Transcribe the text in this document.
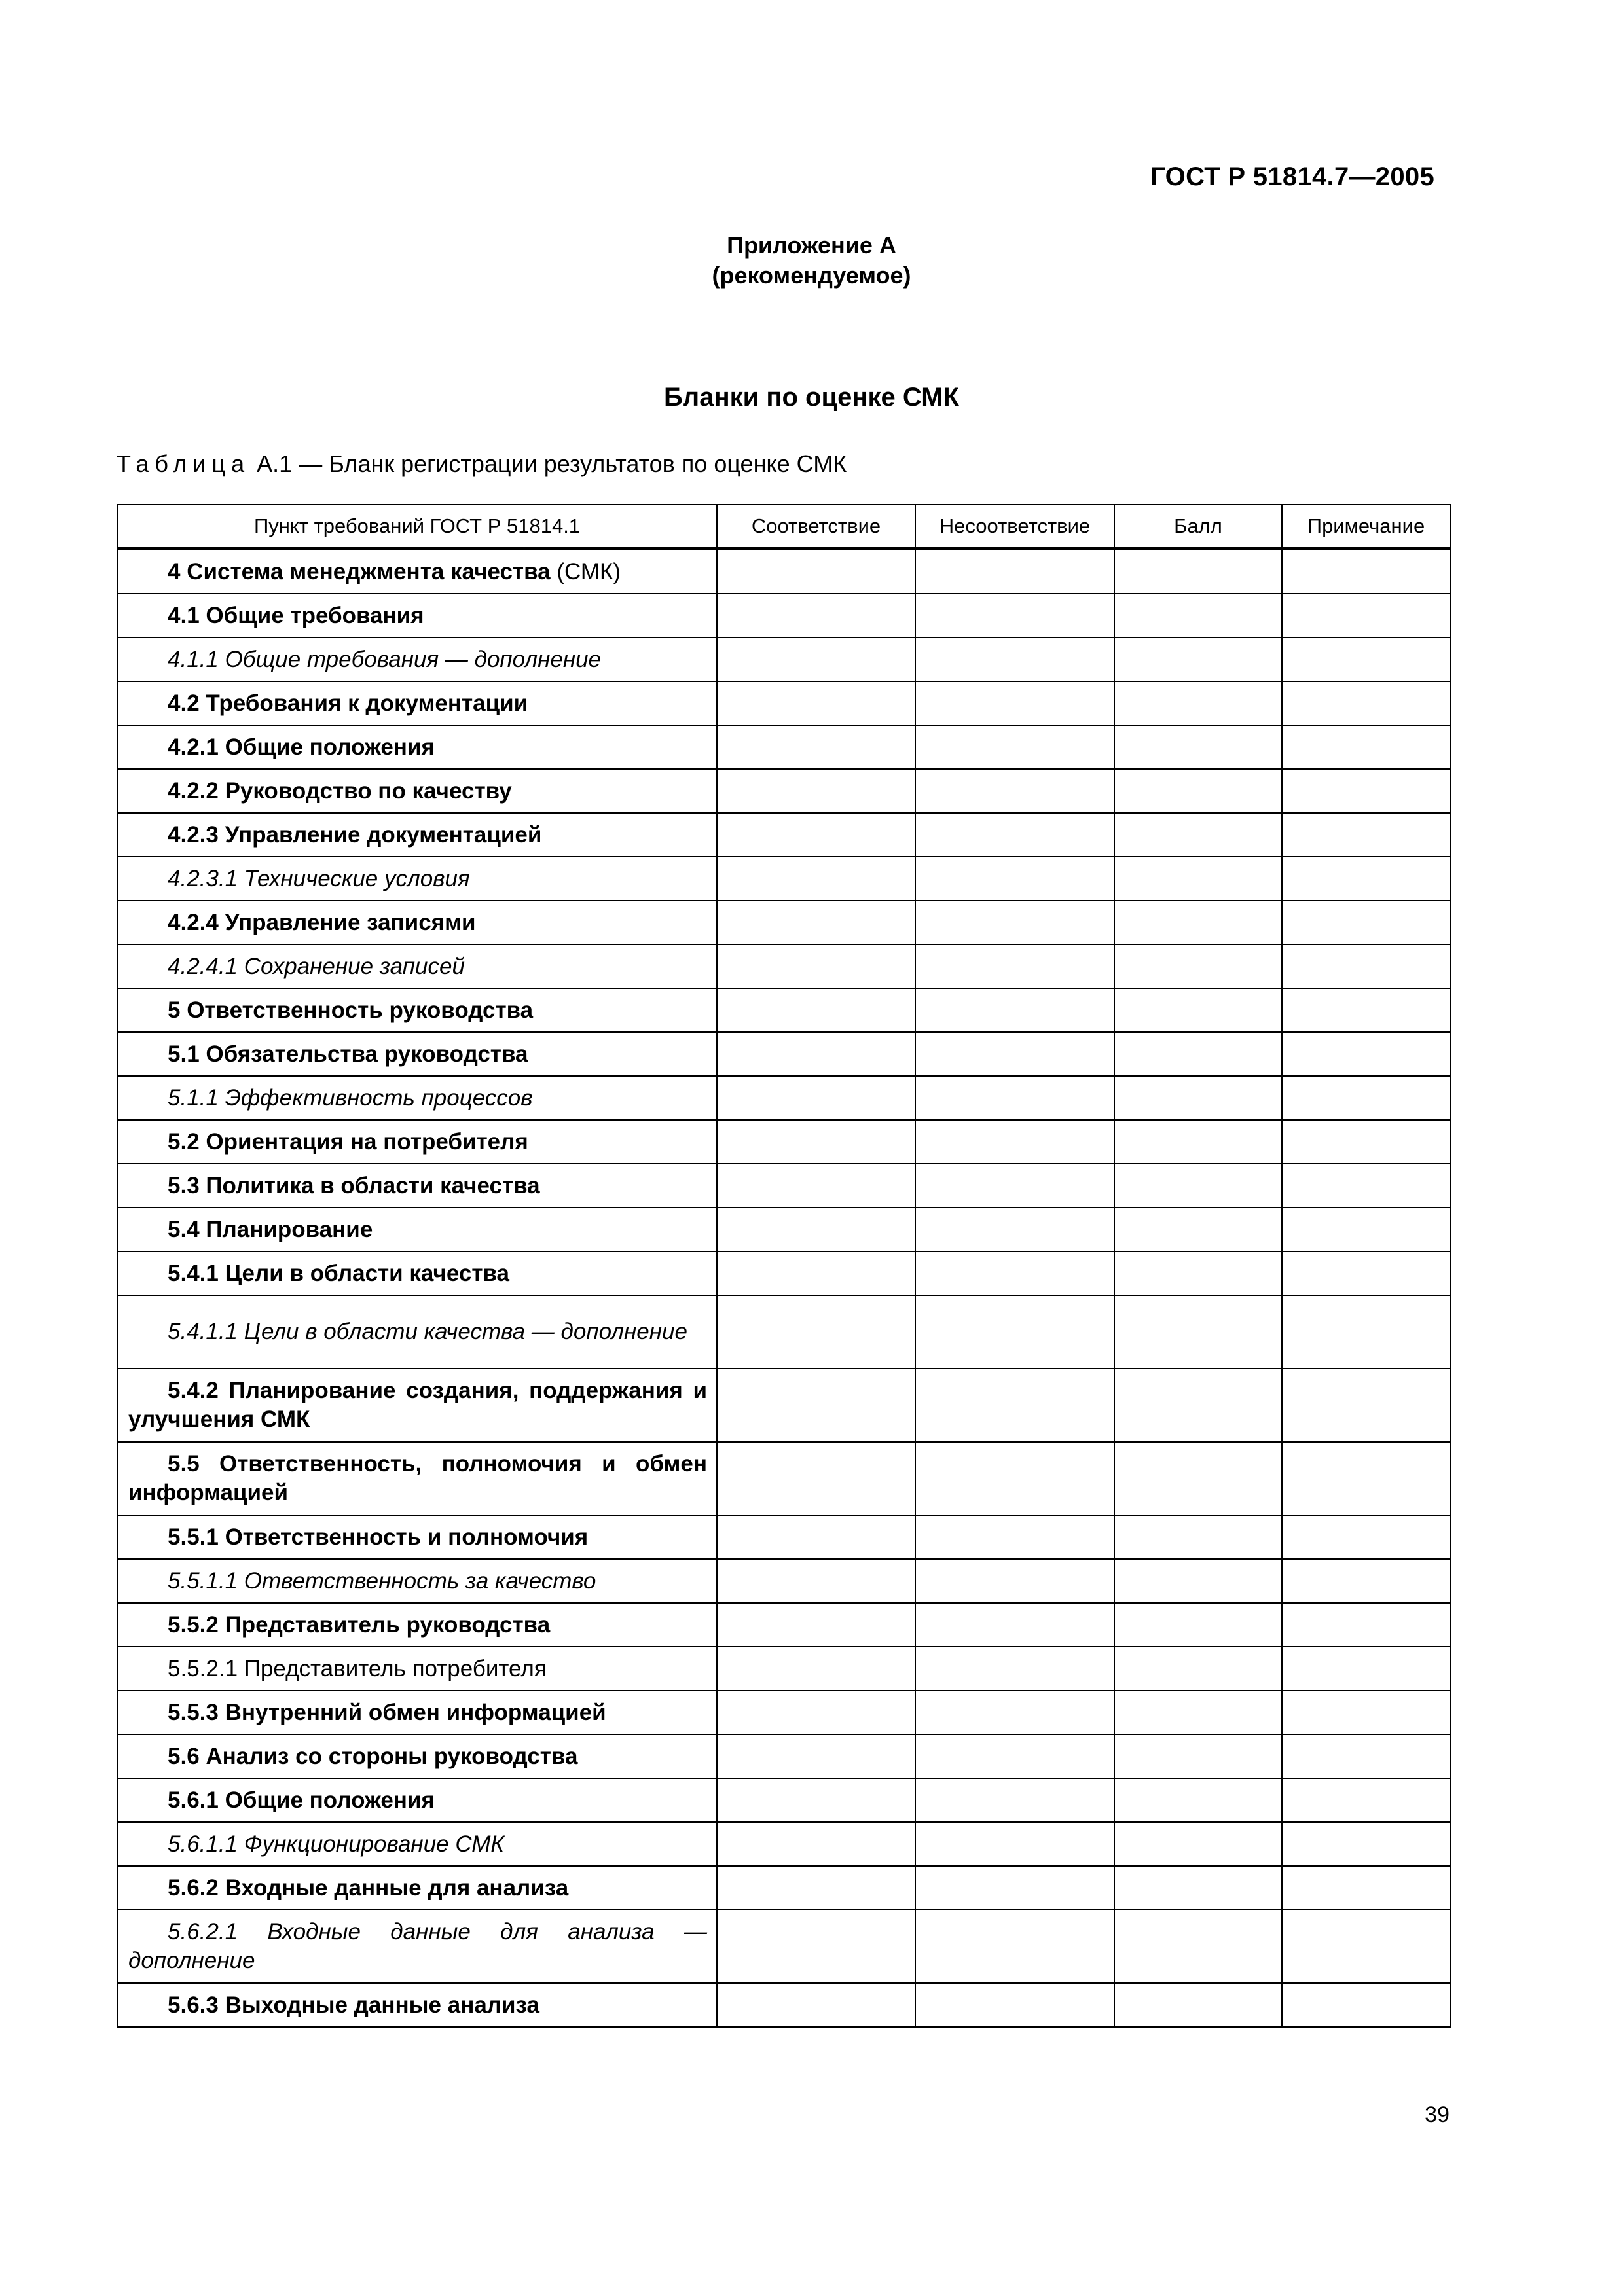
ГОСТ Р 51814.7—2005
Приложение А
(рекомендуемое)
Бланки по оценке СМК
Таблица А.1 — Бланк регистрации результатов по оценке СМК
Пункт требований ГОСТ Р 51814.1	Соответствие	Несоответствие	Балл	Примечание

4 Система менеджмента качества (СМК)				

4.1 Общие требования				

4.1.1 Общие требования — дополнение				

4.2 Требования к документации				

4.2.1 Общие положения				

4.2.2 Руководство по качеству				

4.2.3 Управление документацией				

4.2.3.1 Технические условия				

4.2.4 Управление записями				

4.2.4.1 Сохранение записей				

5 Ответственность руководства				

5.1 Обязательства руководства				

5.1.1 Эффективность процессов				

5.2 Ориентация на потребителя				

5.3 Политика в области качества				

5.4 Планирование				

5.4.1 Цели в области качества				

5.4.1.1 Цели в области качества — дополнение				

5.4.2 Планирование создания, поддержания и улучшения СМК				

5.5 Ответственность, полномочия и обмен информацией				

5.5.1 Ответственность и полномочия				

5.5.1.1 Ответственность за качество				

5.5.2 Представитель руководства				

5.5.2.1 Представитель потребителя				

5.5.3 Внутренний обмен информацией				

5.6 Анализ со стороны руководства				

5.6.1 Общие положения				

5.6.1.1 Функционирование СМК				

5.6.2 Входные данные для анализа				

5.6.2.1 Входные данные для анализа — дополнение				

5.6.3 Выходные данные анализа				

39
